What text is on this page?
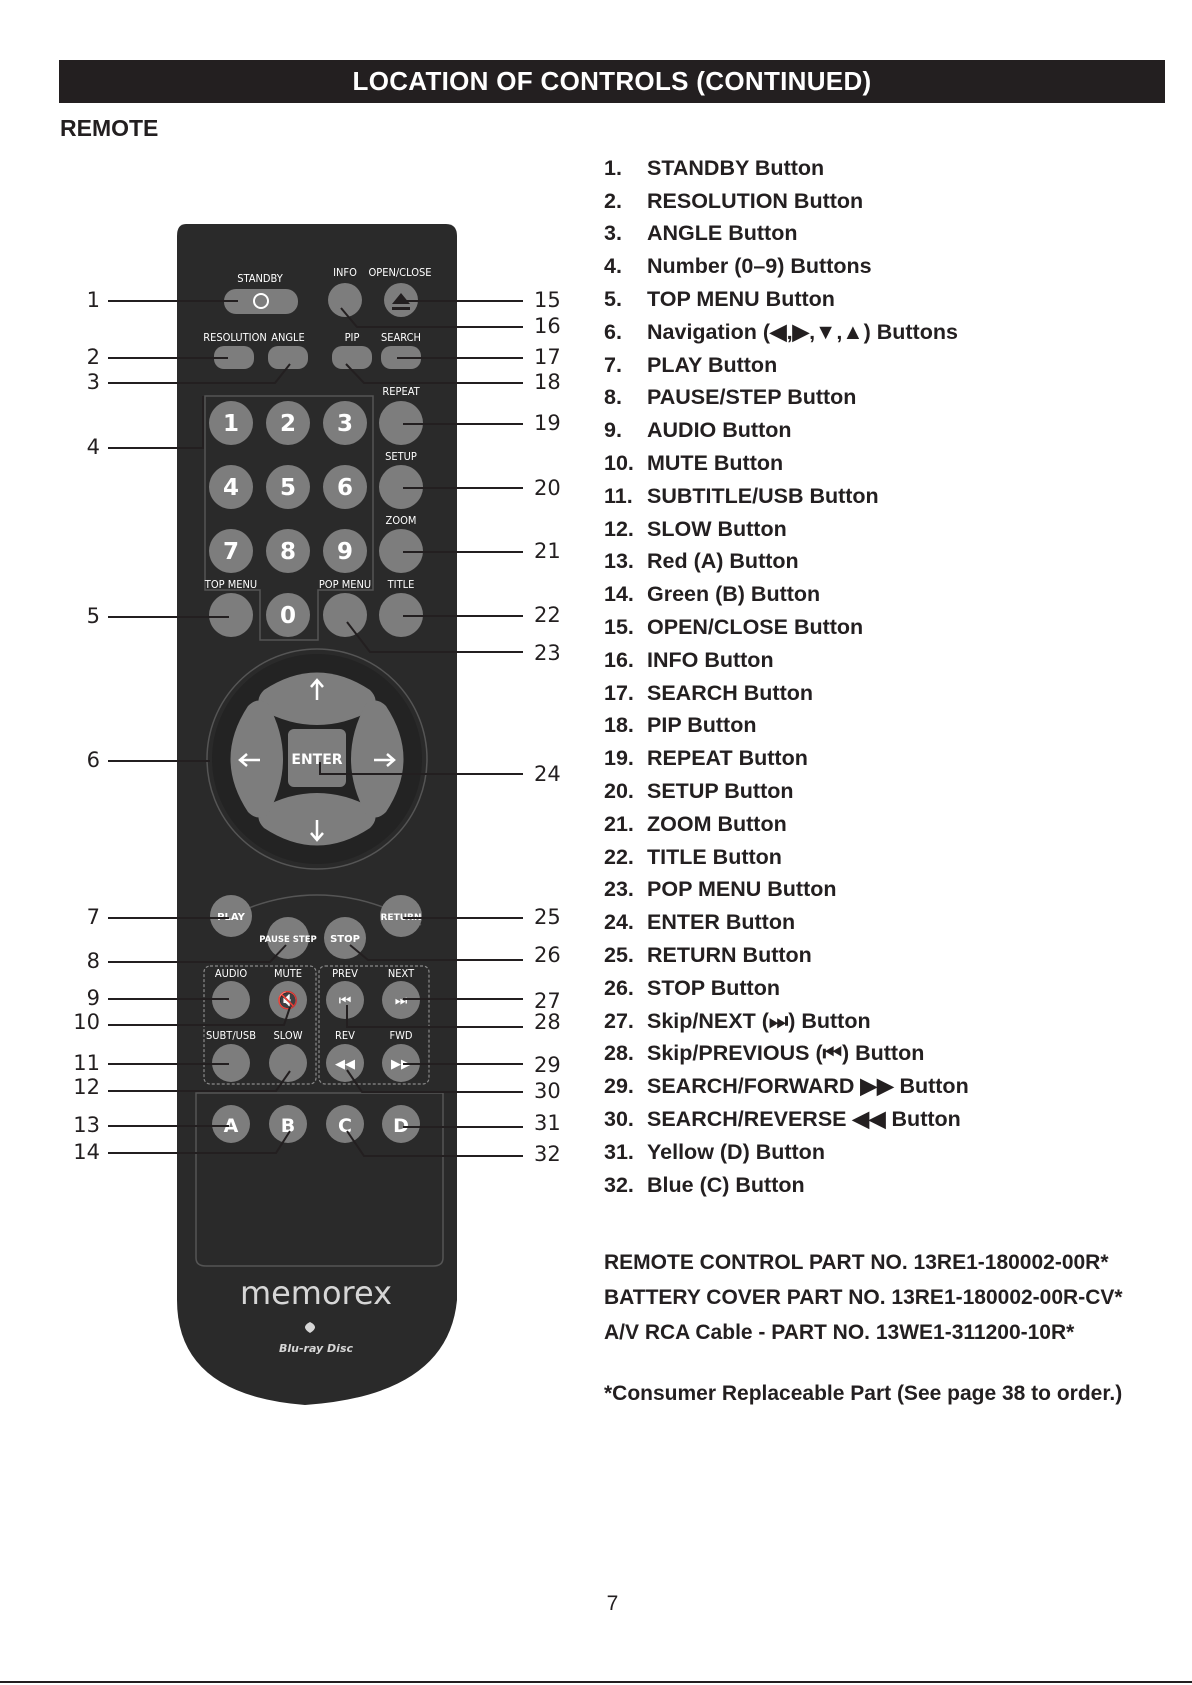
LOCATION OF CONTROLS (CONTINUED)
REMOTE
STANDBY	INFO OPEN/CLOSE
RESOLUTION ANGLE	PIP SEARCH
REPEAT
SETUP
ZOOM
TOP MENU	POP MENU TITLE
1 2 3
4 5 6
7 8 9
0
ENTER
PLAY
PAUSE STEP STOP
RETURN
AUDIO MUTE	PREV	NEXT
🔇	⏮	⏭
SUBT/USB SLOW	REV	FWD
◀◀	▶▶
A B C D
memorex
Blu-ray Disc
1
2
3
4
5
6
7
8
9
10
11
12
13
14
15
16
17
18
19
20
21
22
23
24
25
26
27
28
29
30
31
32
1.	STANDBY Button
2.	RESOLUTION Button
3.	ANGLE Button
4.	Number (0–9) Buttons
5.	TOP MENU Button
6.	Navigation (◀,▶,▼,▲) Buttons
7.	PLAY Button
8.	PAUSE/STEP Button
9.	AUDIO Button
10. MUTE Button
11. SUBTITLE/USB Button
12. SLOW Button
13. Red (A) Button
14. Green (B) Button
15. OPEN/CLOSE Button
16. INFO Button
17. SEARCH Button
18. PIP Button
19. REPEAT Button
20. SETUP Button
21. ZOOM Button
22. TITLE Button
23. POP MENU Button
24. ENTER Button
25. RETURN Button
26. STOP Button
27. Skip/NEXT (⏭) Button
28. Skip/PREVIOUS (⏮) Button
29. SEARCH/FORWARD ▶▶ Button
30. SEARCH/REVERSE ◀◀ Button
31. Yellow (D) Button
32. Blue (C) Button
REMOTE CONTROL PART NO. 13RE1-180002-00R*
BATTERY COVER PART NO. 13RE1-180002-00R-CV*
A/V RCA Cable - PART NO. 13WE1-311200-10R*
*Consumer Replaceable Part (See page 38 to order.)
7
